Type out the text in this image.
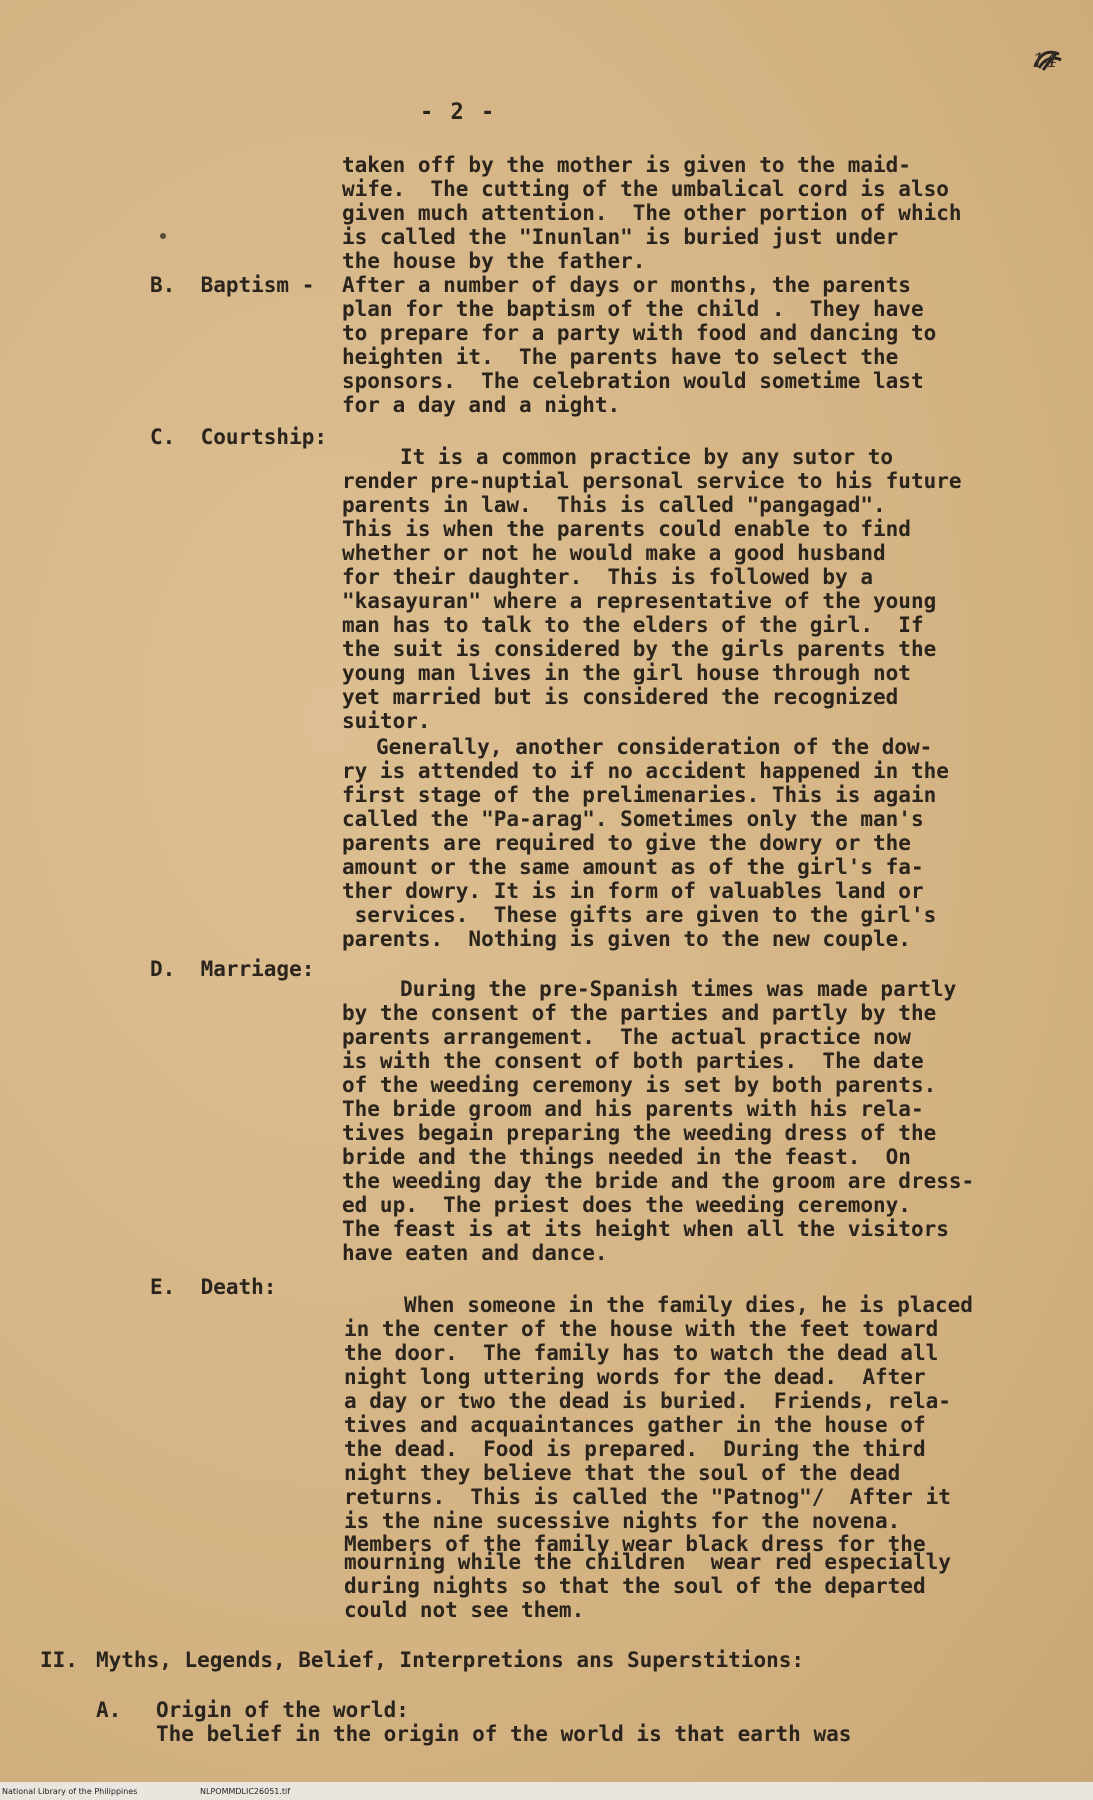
14
- 2 -
taken off by the mother is given to the maid-
wife.  The cutting of the umbalical cord is also
given much attention.  The other portion of which
is called the "Inunlan" is buried just under
the house by the father.
B.  Baptism - After a number of days or months, the parents
plan for the baptism of the child .  They have
to prepare for a party with food and dancing to
heighten it.  The parents have to select the
sponsors.  The celebration would sometime last
for a day and a night.
C.  Courtship:
It is a common practice by any sutor to
render pre-nuptial personal service to his future
parents in law.  This is called "pangagad".
This is when the parents could enable to find
whether or not he would make a good husband
for their daughter.  This is followed by a
"kasayuran" where a representative of the young
man has to talk to the elders of the girl.  If
the suit is considered by the girls parents the
young man lives in the girl house through not
yet married but is considered the recognized
suitor.
Generally, another consideration of the dow-
ry is attended to if no accident happened in the
first stage of the prelimenaries. This is again
called the "Pa-arag". Sometimes only the man's
parents are required to give the dowry or the
amount or the same amount as of the girl's fa-
ther dowry. It is in form of valuables land or
services.  These gifts are given to the girl's
parents.  Nothing is given to the new couple.
D.  Marriage:
During the pre-Spanish times was made partly
by the consent of the parties and partly by the
parents arrangement.  The actual practice now
is with the consent of both parties.  The date
of the weeding ceremony is set by both parents.
The bride groom and his parents with his rela-
tives begain preparing the weeding dress of the
bride and the things needed in the feast.  On
the weeding day the bride and the groom are dress-
ed up.  The priest does the weeding ceremony.
The feast is at its height when all the visitors
have eaten and dance.
E.  Death:
When someone in the family dies, he is placed
in the center of the house with the feet toward
the door.  The family has to watch the dead all
night long uttering words for the dead.  After
a day or two the dead is buried.  Friends, rela-
tives and acquaintances gather in the house of
the dead.  Food is prepared.  During the third
night they believe that the soul of the dead
returns.  This is called the "Patnog"/  After it
is the nine sucessive nights for the novena.
Members of the family wear black dress for the
mourning while the children  wear red especially
during nights so that the soul of the departed
could not see them.
II. Myths, Legends, Belief, Interpretions ans Superstitions:
A. Origin of the world:
The belief in the origin of the world is that earth was
National Library of the Philippines	NLPOMMDLIC26051.tif
